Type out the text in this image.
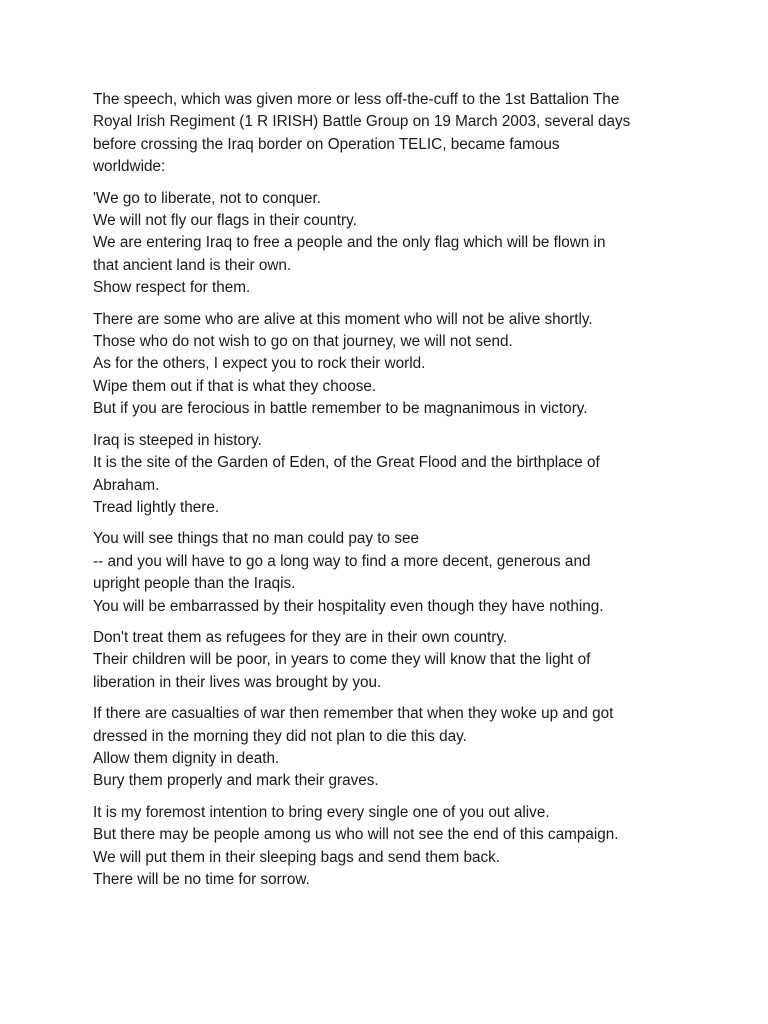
The speech, which was given more or less off-the-cuff to the 1st Battalion The
Royal Irish Regiment (1 R IRISH) Battle Group on 19 March 2003, several days
before crossing the Iraq border on Operation TELIC, became famous
worldwide:

'We go to liberate, not to conquer.
We will not fly our flags in their country.
We are entering Iraq to free a people and the only flag which will be flown in
that ancient land is their own.
Show respect for them.

There are some who are alive at this moment who will not be alive shortly.
Those who do not wish to go on that journey, we will not send.
As for the others, I expect you to rock their world.
Wipe them out if that is what they choose.
But if you are ferocious in battle remember to be magnanimous in victory.

Iraq is steeped in history.
It is the site of the Garden of Eden, of the Great Flood and the birthplace of
Abraham.
Tread lightly there.

You will see things that no man could pay to see
-- and you will have to go a long way to find a more decent, generous and
upright people than the Iraqis.
You will be embarrassed by their hospitality even though they have nothing.

Don't treat them as refugees for they are in their own country.
Their children will be poor, in years to come they will know that the light of
liberation in their lives was brought by you.

If there are casualties of war then remember that when they woke up and got
dressed in the morning they did not plan to die this day.
Allow them dignity in death.
Bury them properly and mark their graves.

It is my foremost intention to bring every single one of you out alive.
But there may be people among us who will not see the end of this campaign.
We will put them in their sleeping bags and send them back.
There will be no time for sorrow.
